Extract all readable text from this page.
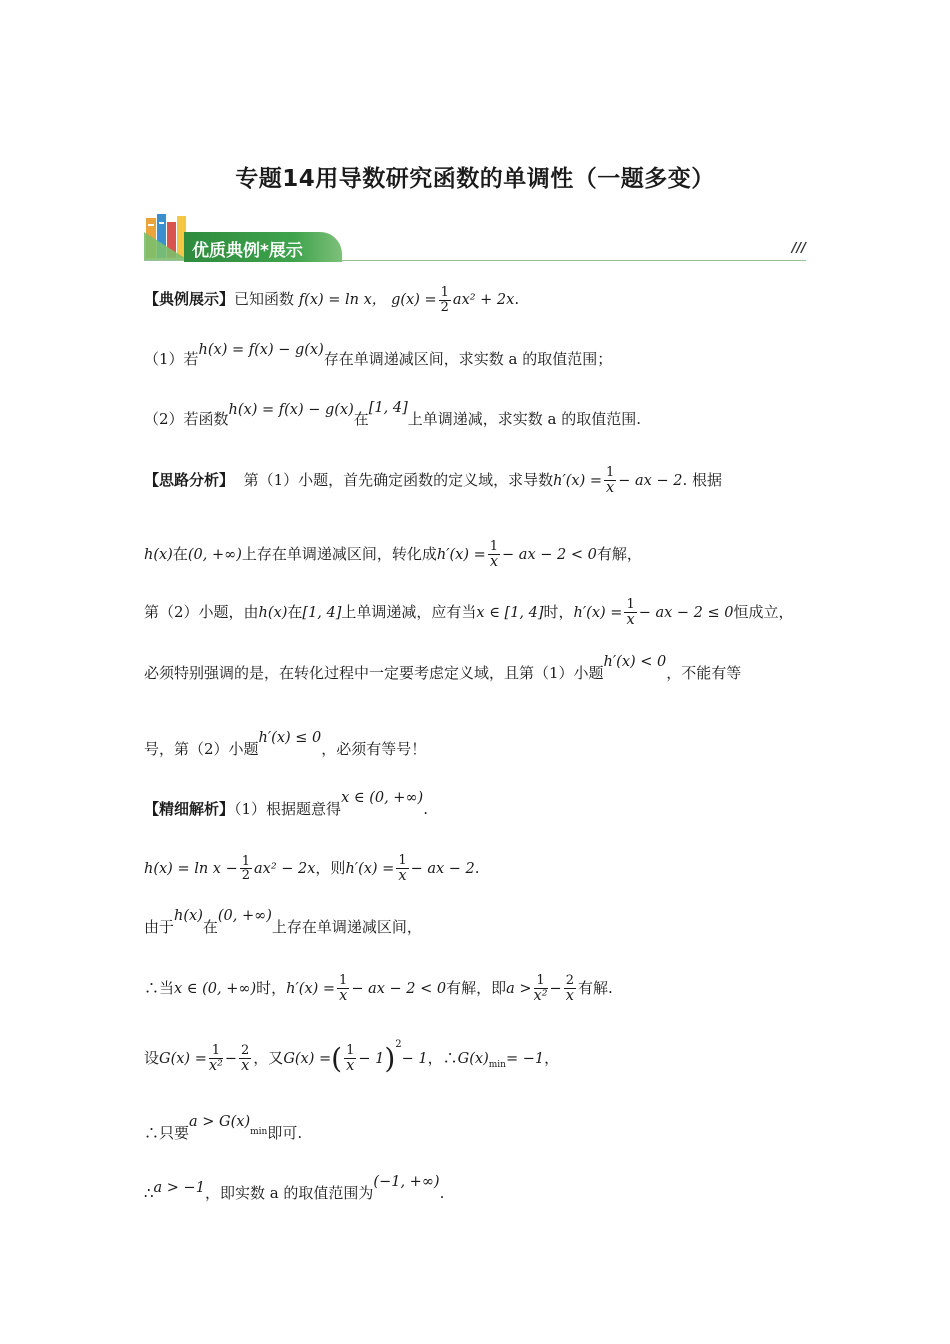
专题14用导数研究函数的单调性（一题多变）
优质典例*展示	///
【典例展示】已知函数 f(x) = ln x， $g(x) = \frac{1}{2} ax^2 + 2x$.
（1）若h(x) = f(x) − g(x)存在单调递减区间，求实数 a 的取值范围；
（2）若函数h(x) = f(x) − g(x)在[1, 4]上单调递减，求实数 a 的取值范围.
【思路分析】 第（1）小题，首先确定函数的定义域，求导数$h'(x) = \frac{1}{x}$ − ax − 2. 根据
h(x)在(0, +∞)上存在单调递减区间，转化成$h'(x) = \frac{1}{x}$ − ax − 2 < 0有解，
第（2）小题，由h(x)在[1, 4]上单调递减，应有当x ∈ [1, 4]时，$h'(x) = \frac{1}{x}$ − ax − 2 ≤ 0恒成立，
必须特别强调的是，在转化过程中一定要考虑定义域，且第（1）小题h′(x) < 0，不能有等
号，第（2）小题h′(x) ≤ 0，必须有等号！
【精细解析】（1）根据题意得x ∈ (0, +∞).
$h(x) = \ln x - \frac{1}{2} ax^2 - 2x$，则$h'(x) = \frac{1}{x}$ − ax − 2.
由于h(x)在(0, +∞)上存在单调递减区间，
∴当x ∈ (0, +∞)时，$h'(x) = \frac{1}{x}$ − ax − 2 < 0有解，即$a > \frac{1}{\text{x²}} - \frac{2}{x}$ 有解.
设$G(x) = \frac{1}{\text{x²}} - \frac{2}{x}$ ，又G(x) =( $\frac{1}{x} - 1)^2- 1$，$\therefore G(x)_{min}= -1$，
∴只要$a > G(x)_{min}$即可.
∴a > −1，即实数 a 的取值范围为(−1, +∞).
